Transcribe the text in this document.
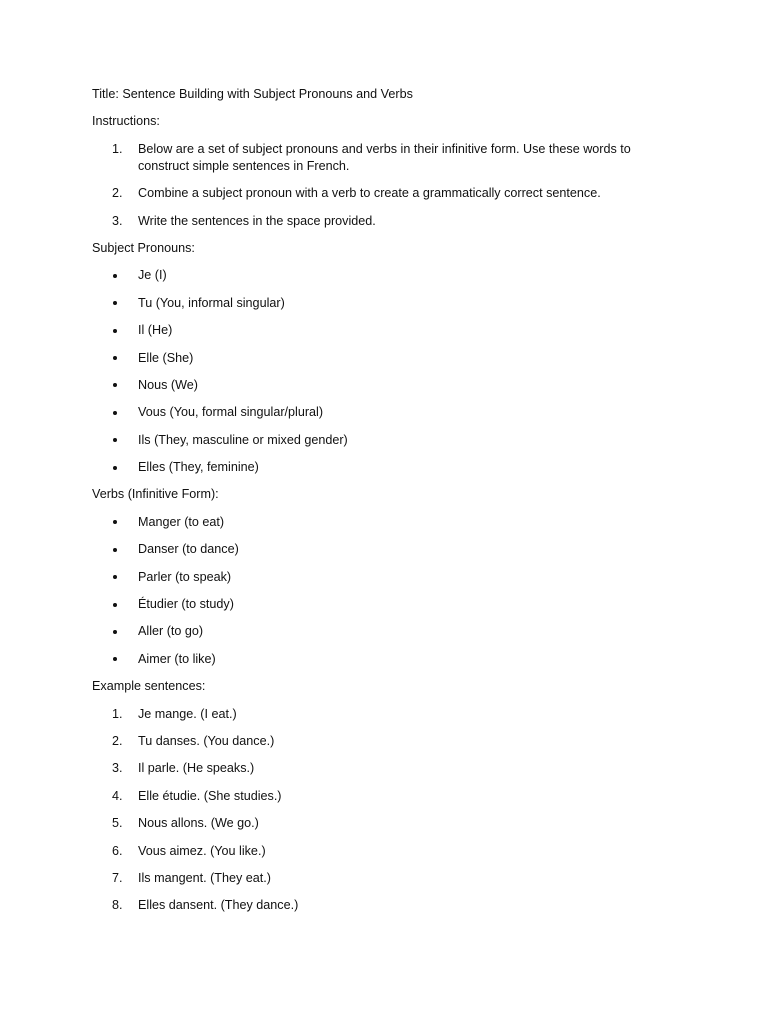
Title: Sentence Building with Subject Pronouns and Verbs

Instructions:

1.	Below are a set of subject pronouns and verbs in their infinitive form. Use these words to construct simple sentences in French.
2.	Combine a subject pronoun with a verb to create a grammatically correct sentence.
3.	Write the sentences in the space provided.

Subject Pronouns:

Je (I)
Tu (You, informal singular)
Il (He)
Elle (She)
Nous (We)
Vous (You, formal singular/plural)
Ils (They, masculine or mixed gender)
Elles (They, feminine)

Verbs (Infinitive Form):

Manger (to eat)
Danser (to dance)
Parler (to speak)
Étudier (to study)
Aller (to go)
Aimer (to like)

Example sentences:

1.	Je mange. (I eat.)
2.	Tu danses. (You dance.)
3.	Il parle. (He speaks.)
4.	Elle étudie. (She studies.)
5.	Nous allons. (We go.)
6.	Vous aimez. (You like.)
7.	Ils mangent. (They eat.)
8.	Elles dansent. (They dance.)
